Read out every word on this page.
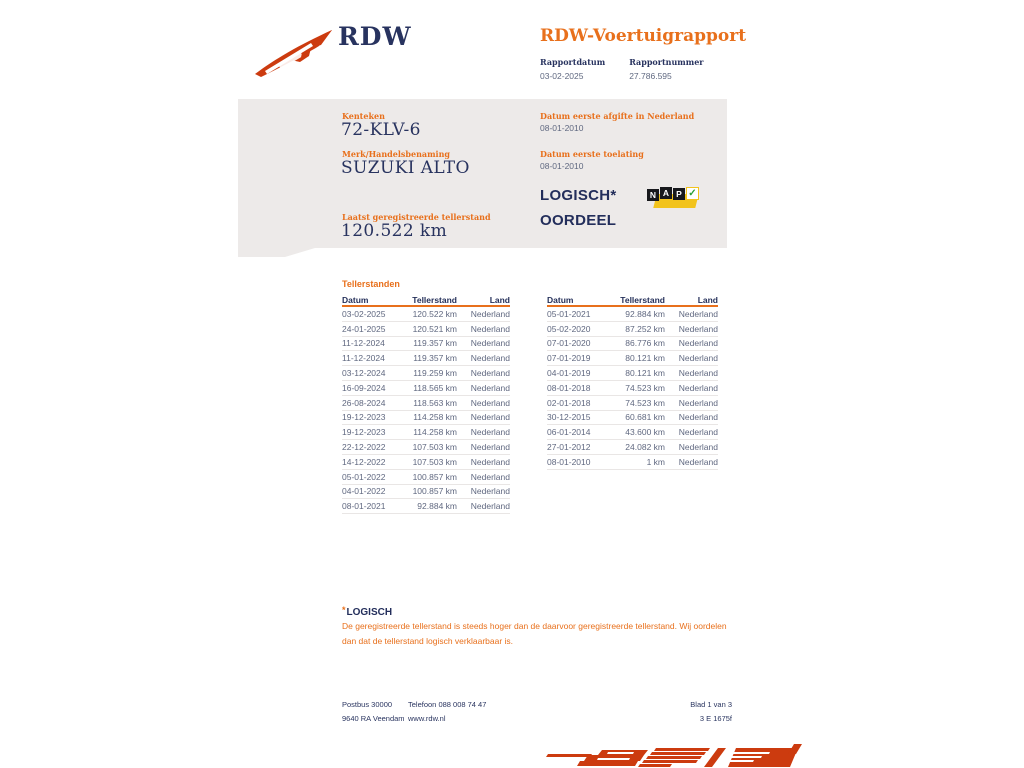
RDW	RDW-Voertuigrapport
Rapportdatum
03-02-2025
Rapportnummer
27.786.595
Kenteken
72-KLV-6
Merk/Handelsbenaming
SUZUKI ALTO
Laatst geregistreerde tellerstand
120.522 km
Datum eerste afgifte in Nederland
08-01-2010
Datum eerste toelating
08-01-2010
LOGISCH*
OORDEEL
N A P ✓
Tellerstanden
Datum	Tellerstand	Land
03-02-2025	120.522 km	Nederland
24-01-2025	120.521 km	Nederland
11-12-2024	119.357 km	Nederland
11-12-2024	119.357 km	Nederland
03-12-2024	119.259 km	Nederland
16-09-2024	118.565 km	Nederland
26-08-2024	118.563 km	Nederland
19-12-2023	114.258 km	Nederland
19-12-2023	114.258 km	Nederland
22-12-2022	107.503 km	Nederland
14-12-2022	107.503 km	Nederland
05-01-2022	100.857 km	Nederland
04-01-2022	100.857 km	Nederland
08-01-2021	92.884 km	Nederland
Datum	Tellerstand	Land
05-01-2021	92.884 km	Nederland
05-02-2020	87.252 km	Nederland
07-01-2020	86.776 km	Nederland
07-01-2019	80.121 km	Nederland
04-01-2019	80.121 km	Nederland
08-01-2018	74.523 km	Nederland
02-01-2018	74.523 km	Nederland
30-12-2015	60.681 km	Nederland
06-01-2014	43.600 km	Nederland
27-01-2012	24.082 km	Nederland
08-01-2010	1 km	Nederland
*LOGISCH
De geregistreerde tellerstand is steeds hoger dan de daarvoor geregistreerde tellerstand. Wij oordelen dan dat de tellerstand logisch verklaarbaar is.
Postbus 30000
9640 RA Veendam
Telefoon 088 008 74 47
www.rdw.nl
Blad 1 van 3
3 E 1675f
